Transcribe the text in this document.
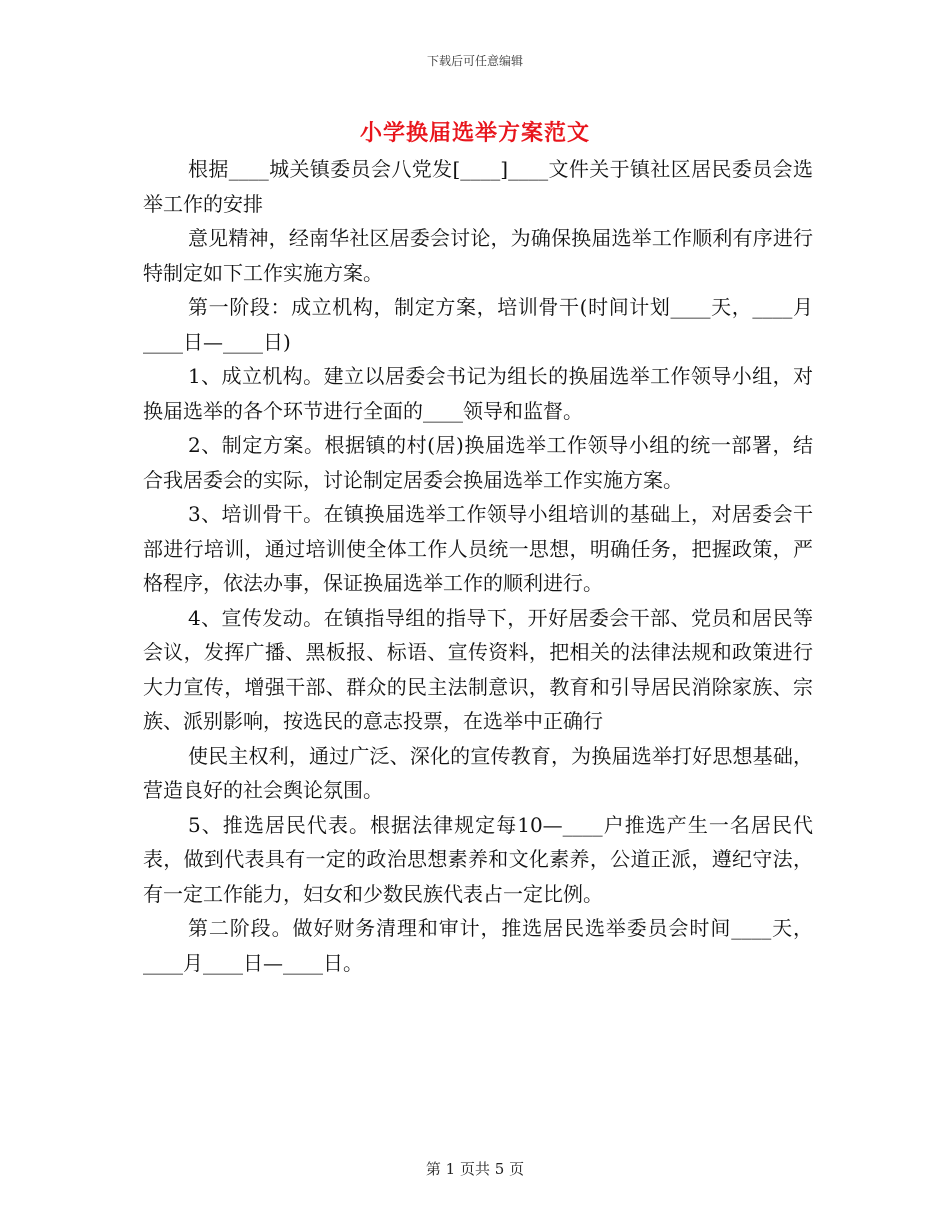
下载后可任意编辑
小学换届选举方案范文

根据____城关镇委员会八党发[____]____文件关于镇社区居民委员会选举工作的安排

意见精神，经南华社区居委会讨论，为确保换届选举工作顺利有序进行特制定如下工作实施方案。

第一阶段：成立机构，制定方案，培训骨干(时间计划____天，____月____日—____日)

1、成立机构。建立以居委会书记为组长的换届选举工作领导小组，对换届选举的各个环节进行全面的____领导和监督。

2、制定方案。根据镇的村(居)换届选举工作领导小组的统一部署，结合我居委会的实际，讨论制定居委会换届选举工作实施方案。

3、培训骨干。在镇换届选举工作领导小组培训的基础上，对居委会干部进行培训，通过培训使全体工作人员统一思想，明确任务，把握政策，严格程序，依法办事，保证换届选举工作的顺利进行。

4、宣传发动。在镇指导组的指导下，开好居委会干部、党员和居民等会议，发挥广播、黑板报、标语、宣传资料，把相关的法律法规和政策进行大力宣传，增强干部、群众的民主法制意识，教育和引导居民消除家族、宗族、派别影响，按选民的意志投票，在选举中正确行

使民主权利，通过广泛、深化的宣传教育，为换届选举打好思想基础，营造良好的社会舆论氛围。

5、推选居民代表。根据法律规定每10—____户推选产生一名居民代表，做到代表具有一定的政治思想素养和文化素养，公道正派，遵纪守法，有一定工作能力，妇女和少数民族代表占一定比例。

第二阶段。做好财务清理和审计，推选居民选举委员会时间____天，____月____日—____日。

第 1 页共 5 页
